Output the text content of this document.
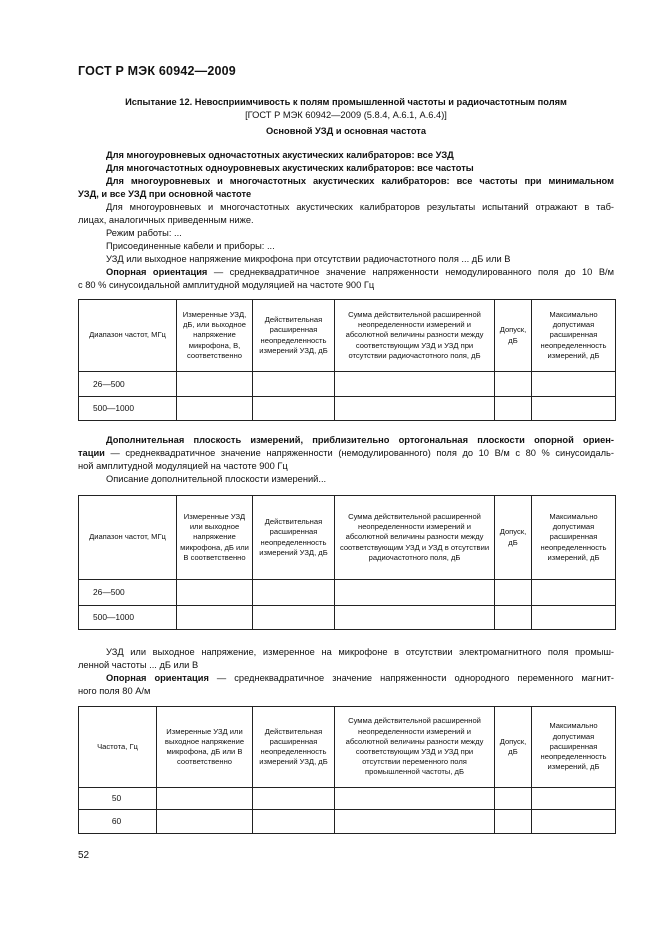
ГОСТ Р МЭК 60942—2009
Испытание 12. Невосприимчивость к полям промышленной частоты и радиочастотным полям
[ГОСТ Р МЭК 60942—2009 (5.8.4, А.6.1, А.6.4)]
Основной УЗД и основная частота
Для многоуровневых одночастотных акустических калибраторов: все УЗД
Для многочастотных одноуровневых акустических калибраторов: все частоты
Для многоуровневых и многочастотных акустических калибраторов: все частоты при минимальном
УЗД, и все УЗД при основной частоте
Для многоуровневых и многочастотных акустических калибраторов результаты испытаний отражают в таб-
лицах, аналогичных приведенным ниже.
Режим работы: ...
Присоединенные кабели и приборы: ...
УЗД или выходное напряжение микрофона при отсутствии радиочастотного поля ... дБ или В
Опорная ориентация — среднеквадратичное значение напряженности немодулированного поля до 10 В/м
с 80 % синусоидальной амплитудной модуляцией на частоте 900 Гц
Диапазон частот, МГц	Измеренные УЗД, дБ, или выходное напряжение микрофона, В, соответственно	Действительная расширенная неопределенность измерений УЗД, дБ	Сумма действительной расширенной неопределенности измерений и абсолютной величины разности между соответствующим УЗД и УЗД при отсутствии радиочастотного поля, дБ	Допуск, дБ	Максимально допустимая расширенная неопределенность измерений, дБ
26—500					
500—1000					
Дополнительная плоскость измерений, приблизительно ортогональная плоскости опорной ориен-
тации — среднеквадратичное значение напряженности (немодулированного) поля до 10 В/м с 80 % синусоидаль-
ной амплитудной модуляцией на частоте 900 Гц
Описание дополнительной плоскости измерений...
Диапазон частот, МГц	Измеренные УЗД или выходное напряжение микрофона, дБ или В соответственно	Действительная расширенная неопределенность измерений УЗД, дБ	Сумма действительной расширенной неопределенности измерений и абсолютной величины разности между соответствующим УЗД и УЗД в отсутствии радиочастотного поля, дБ	Допуск, дБ	Максимально допустимая расширенная неопределенность измерений, дБ
26—500					
500—1000					
УЗД или выходное напряжение, измеренное на микрофоне в отсутствии электромагнитного поля промыш-
ленной частоты ... дБ или В
Опорная ориентация — среднеквадратичное значение напряженности однородного переменного магнит-
ного поля 80 А/м
Частота, Гц	Измеренные УЗД или выходное напряжение микрофона, дБ или В соответственно	Действительная расширенная неопределенность измерений УЗД, дБ	Сумма действительной расширенной неопределенности измерений и абсолютной величины разности между соответствующим УЗД и УЗД при отсутствии переменного поля промышленной частоты, дБ	Допуск, дБ	Максимально допустимая расширенная неопределенность измерений, дБ
50					
60					
52
